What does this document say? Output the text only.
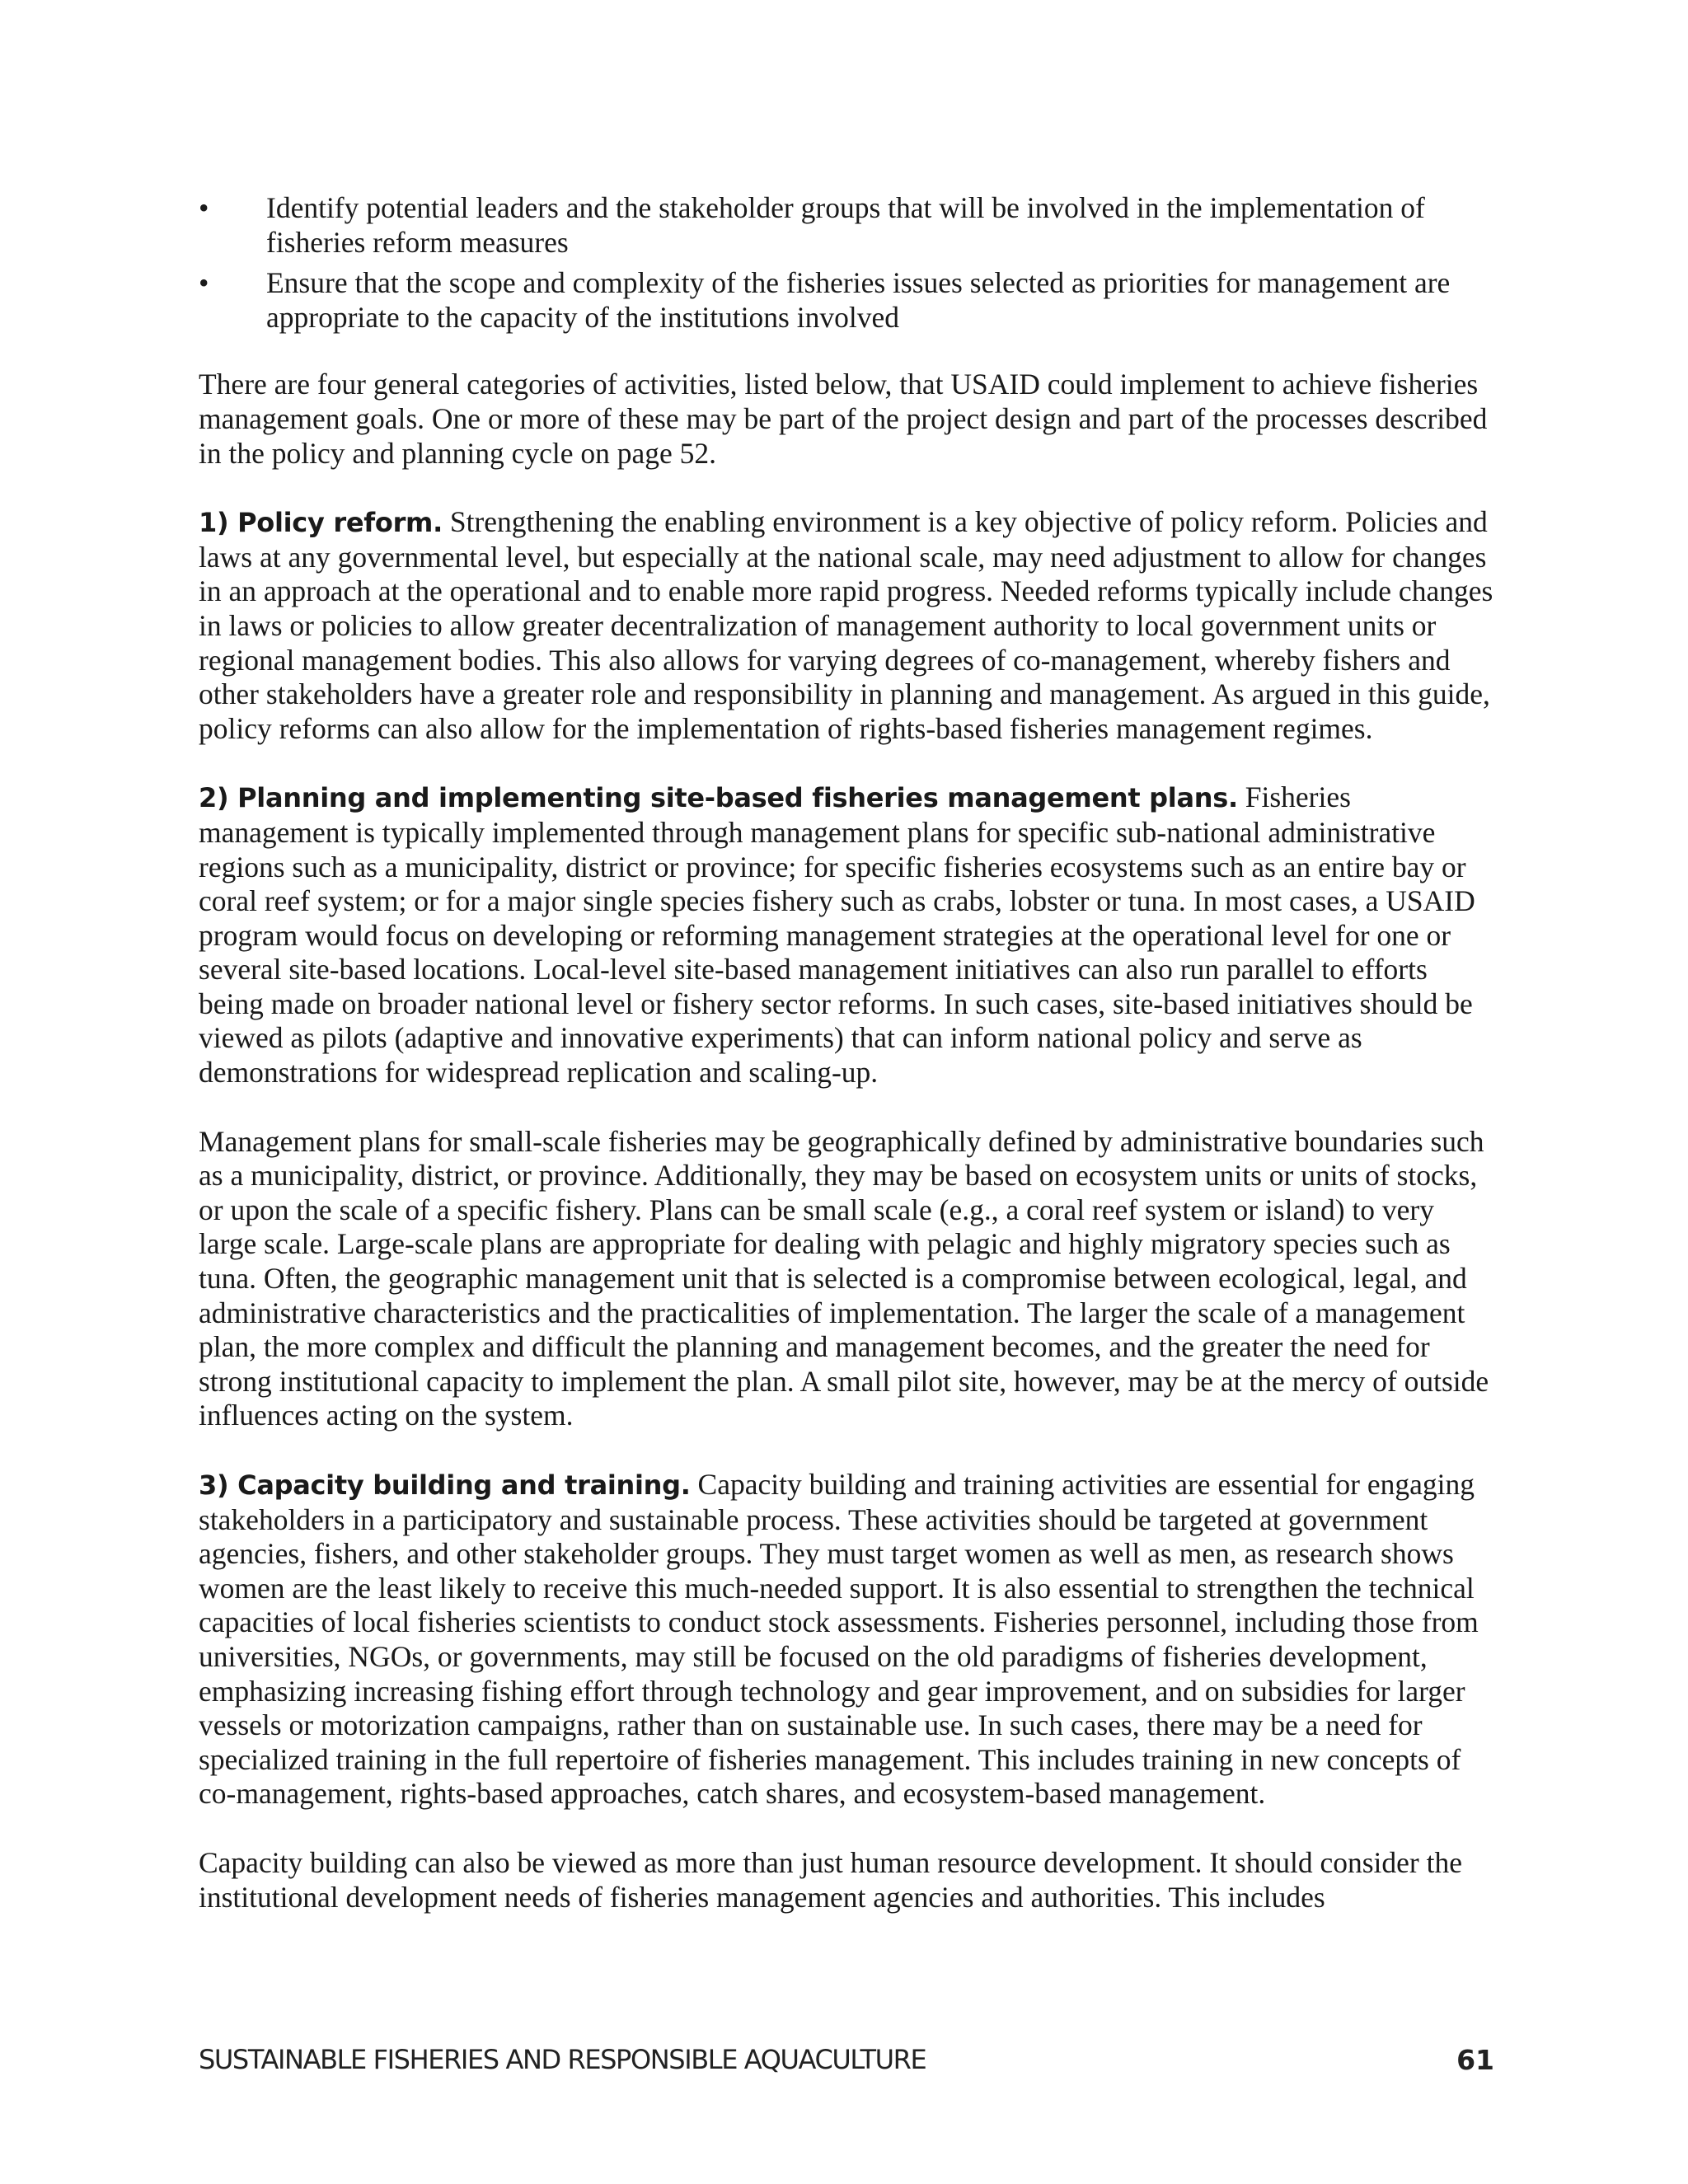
•	Identify potential leaders and the stakeholder groups that will be involved in the implementation of fisheries reform measures
•	Ensure that the scope and complexity of the fisheries issues selected as priorities for management are appropriate to the capacity of the institutions involved

There are four general categories of activities, listed below, that USAID could implement to achieve fisheries management goals. One or more of these may be part of the project design and part of the processes described in the policy and planning cycle on page 52.

1) Policy reform. Strengthening the enabling environment is a key objective of policy reform. Policies and laws at any governmental level, but especially at the national scale, may need adjustment to allow for changes in an approach at the operational and to enable more rapid progress. Needed reforms typically include changes in laws or policies to allow greater decentralization of management authority to local government units or regional management bodies. This also allows for varying degrees of co-management, whereby fishers and other stakeholders have a greater role and responsibility in planning and management. As argued in this guide, policy reforms can also allow for the implementation of rights-based fisheries management regimes.

2) Planning and implementing site-based fisheries management plans. Fisheries management is typically implemented through management plans for specific sub-national administrative regions such as a municipality, district or province; for specific fisheries ecosystems such as an entire bay or coral reef system; or for a major single species fishery such as crabs, lobster or tuna. In most cases, a USAID program would focus on developing or reforming management strategies at the operational level for one or several site-based locations. Local-level site-based management initiatives can also run parallel to efforts being made on broader national level or fishery sector reforms. In such cases, site-based initiatives should be viewed as pilots (adaptive and innovative experiments) that can inform national policy and serve as demonstrations for widespread replication and scaling-up.

Management plans for small-scale fisheries may be geographically defined by administrative boundaries such as a municipality, district, or province. Additionally, they may be based on ecosystem units or units of stocks, or upon the scale of a specific fishery. Plans can be small scale (e.g., a coral reef system or island) to very large scale. Large-scale plans are appropriate for dealing with pelagic and highly migratory species such as tuna. Often, the geographic management unit that is selected is a compromise between ecological, legal, and administrative characteristics and the practicalities of implementation. The larger the scale of a management plan, the more complex and difficult the planning and management becomes, and the greater the need for strong institutional capacity to implement the plan. A small pilot site, however, may be at the mercy of outside influences acting on the system.

3) Capacity building and training. Capacity building and training activities are essential for engaging stakeholders in a participatory and sustainable process. These activities should be targeted at government agencies, fishers, and other stakeholder groups. They must target women as well as men, as research shows women are the least likely to receive this much-needed support. It is also essential to strengthen the technical capacities of local fisheries scientists to conduct stock assessments. Fisheries personnel, including those from universities, NGOs, or governments, may still be focused on the old paradigms of fisheries development, emphasizing increasing fishing effort through technology and gear improvement, and on subsidies for larger vessels or motorization campaigns, rather than on sustainable use. In such cases, there may be a need for specialized training in the full repertoire of fisheries management. This includes training in new concepts of co-management, rights-based approaches, catch shares, and ecosystem-based management.

Capacity building can also be viewed as more than just human resource development. It should consider the institutional development needs of fisheries management agencies and authorities. This includes

SUSTAINABLE FISHERIES AND RESPONSIBLE AQUACULTURE	61
